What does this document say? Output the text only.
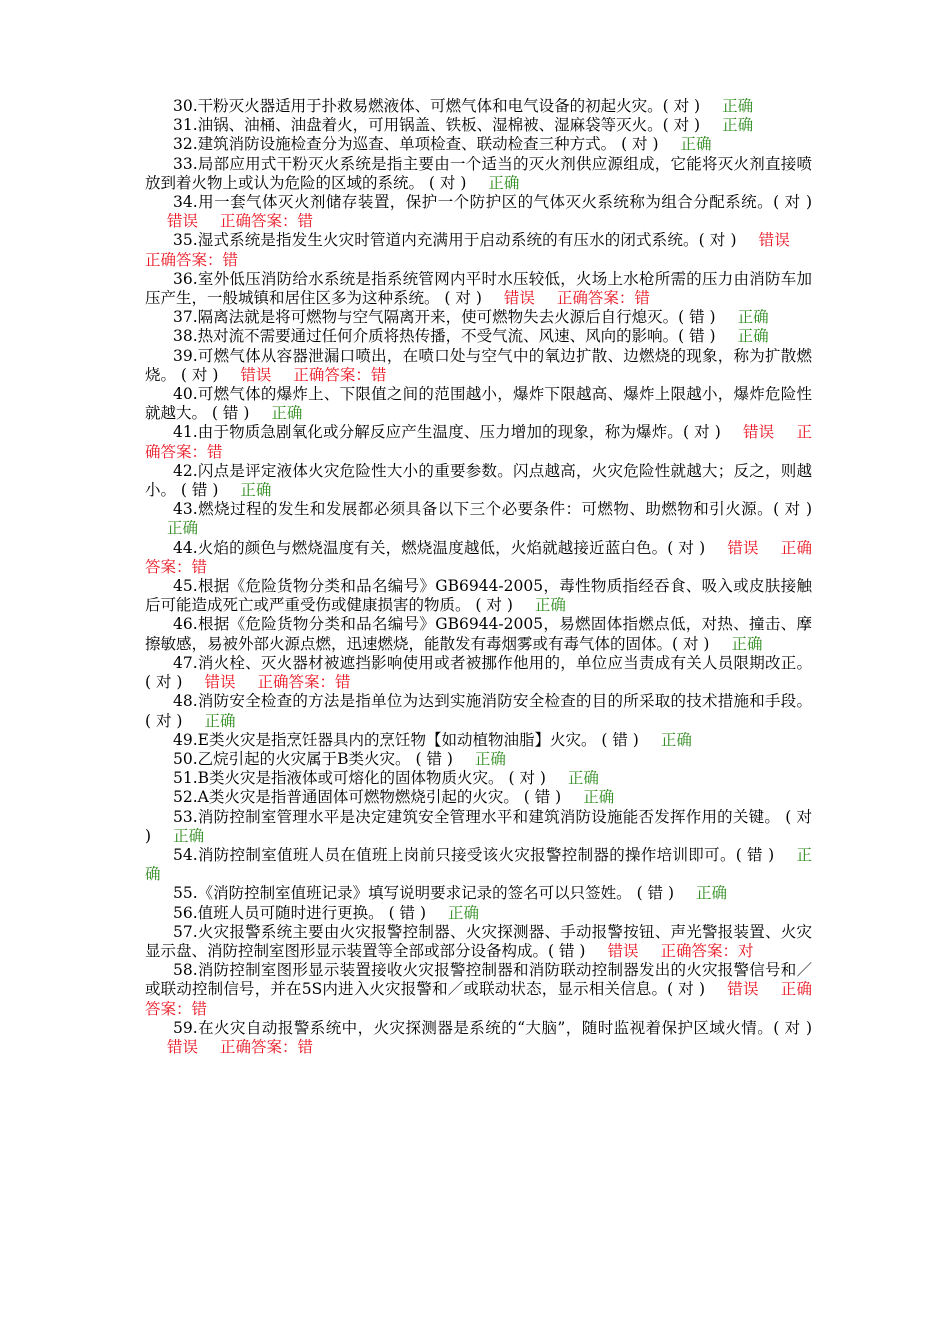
30.干粉灭火器适用于扑救易燃液体、可燃气体和电气设备的初起火灾。( 对 ) 正确

31.油锅、油桶、油盘着火，可用锅盖、铁板、湿棉被、湿麻袋等灭火。( 对 ) 正确

32.建筑消防设施检查分为巡查、单项检查、联动检查三种方式。 ( 对 ) 正确

33.局部应用式干粉灭火系统是指主要由一个适当的灭火剂供应源组成，它能将灭火剂直接喷放到着火物上或认为危险的区域的系统。 ( 对 ) 正确

34.用一套气体灭火剂储存装置，保护一个防护区的气体灭火系统称为组合分配系统。( 对 )错误 正确答案：错

35.湿式系统是指发生火灾时管道内充满用于启动系统的有压水的闭式系统。( 对 ) 错误正确答案：错

36.室外低压消防给水系统是指系统管网内平时水压较低，火场上水枪所需的压力由消防车加压产生，一般城镇和居住区多为这种系统。 ( 对 ) 错误 正确答案：错

37.隔离法就是将可燃物与空气隔离开来，使可燃物失去火源后自行熄灭。( 错 ) 正确

38.热对流不需要通过任何介质将热传播，不受气流、风速、风向的影响。( 错 ) 正确

39.可燃气体从容器泄漏口喷出，在喷口处与空气中的氧边扩散、边燃烧的现象，称为扩散燃烧。 ( 对 ) 错误 正确答案：错

40.可燃气体的爆炸上、下限值之间的范围越小，爆炸下限越高、爆炸上限越小，爆炸危险性就越大。 ( 错 ) 正确

41.由于物质急剧氧化或分解反应产生温度、压力增加的现象，称为爆炸。( 对 ) 错误 正确答案：错

42.闪点是评定液体火灾危险性大小的重要参数。闪点越高，火灾危险性就越大；反之，则越小。 ( 错 ) 正确

43.燃烧过程的发生和发展都必须具备以下三个必要条件：可燃物、助燃物和引火源。( 对 )正确

44.火焰的颜色与燃烧温度有关，燃烧温度越低，火焰就越接近蓝白色。( 对 ) 错误 正确答案：错

45.根据《危险货物分类和品名编号》GB6944-2005，毒性物质指经吞食、吸入或皮肤接触后可能造成死亡或严重受伤或健康损害的物质。 ( 对 ) 正确

46.根据《危险货物分类和品名编号》GB6944-2005，易燃固体指燃点低，对热、撞击、摩擦敏感，易被外部火源点燃，迅速燃烧，能散发有毒烟雾或有毒气体的固体。( 对 ) 正确

47.消火栓、灭火器材被遮挡影响使用或者被挪作他用的，单位应当责成有关人员限期改正。 ( 对 ) 错误 正确答案：错

48.消防安全检查的方法是指单位为达到实施消防安全检查的目的所采取的技术措施和手段。 ( 对 ) 正确

49.E类火灾是指烹饪器具内的烹饪物【如动植物油脂】火灾。 ( 错 ) 正确

50.乙烷引起的火灾属于B类火灾。 ( 错 ) 正确

51.B类火灾是指液体或可熔化的固体物质火灾。 ( 对 ) 正确

52.A类火灾是指普通固体可燃物燃烧引起的火灾。 ( 错 ) 正确

53.消防控制室管理水平是决定建筑安全管理水平和建筑消防设施能否发挥作用的关键。 ( 对 ) 正确

54.消防控制室值班人员在值班上岗前只接受该火灾报警控制器的操作培训即可。( 错 ) 正确

55.《消防控制室值班记录》填写说明要求记录的签名可以只签姓。 ( 错 ) 正确

56.值班人员可随时进行更换。 ( 错 ) 正确

57.火灾报警系统主要由火灾报警控制器、火灾探测器、手动报警按钮、声光警报装置、火灾显示盘、消防控制室图形显示装置等全部或部分设备构成。( 错 ) 错误 正确答案：对

58.消防控制室图形显示装置接收火灾报警控制器和消防联动控制器发出的火灾报警信号和／或联动控制信号，并在5S内进入火灾报警和／或联动状态，显示相关信息。( 对 ) 错误 正确答案：错

59.在火灾自动报警系统中，火灾探测器是系统的“大脑”，随时监视着保护区域火情。( 对 )错误 正确答案：错
